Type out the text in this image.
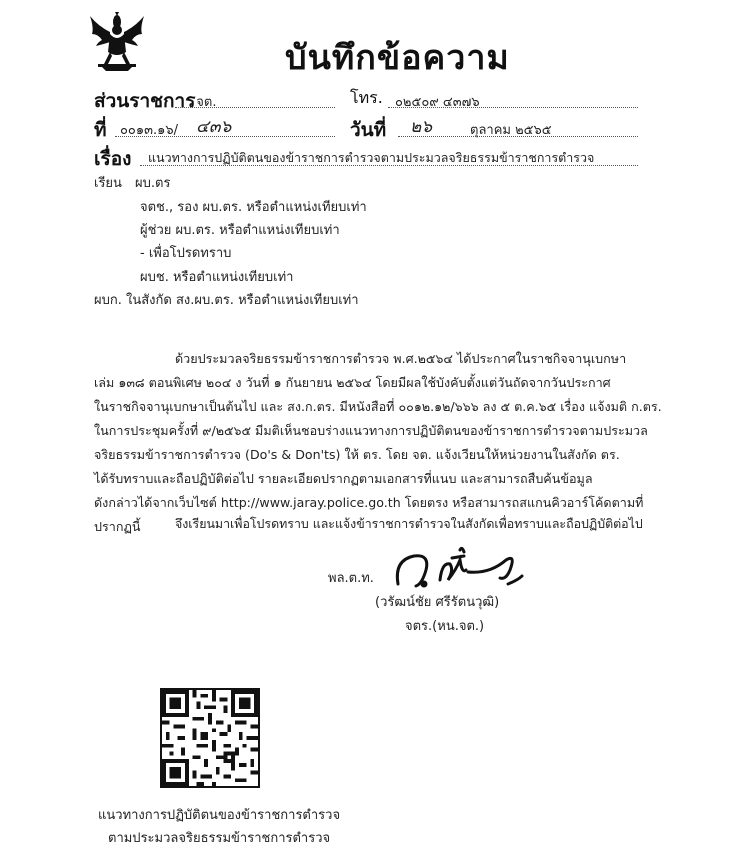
บันทึกข้อความ
ส่วนราชการ
. จต.	โทร. ๐๒๕๐๙ ๔๓๗๖
ที่ ๐๐๑๓.๑๖/ ๔๓๖	วันที่ ๒๖	ตุลาคม ๒๕๖๕
เรื่อง แนวทางการปฏิบัติตนของข้าราชการตำรวจตามประมวลจริยธรรมข้าราชการตำรวจ
เรียน ผบ.ตร
จตช., รอง ผบ.ตร. หรือตำแหน่งเทียบเท่า
ผู้ช่วย ผบ.ตร. หรือตำแหน่งเทียบเท่า
- เพื่อโปรดทราบ
ผบช. หรือตำแหน่งเทียบเท่า
ผบก. ในสังกัด สง.ผบ.ตร. หรือตำแหน่งเทียบเท่า
ด้วยประมวลจริยธรรมข้าราชการตำรวจ พ.ศ.๒๕๖๔ ได้ประกาศในราชกิจจานุเบกษา
เล่ม ๑๓๘ ตอนพิเศษ ๒๐๔ ง วันที่ ๑ กันยายน ๒๕๖๔ โดยมีผลใช้บังคับตั้งแต่วันถัดจากวันประกาศ
ในราชกิจจานุเบกษาเป็นต้นไป และ สง.ก.ตร. มีหนังสือที่ ๐๐๑๒.๑๒/๖๖๖ ลง ๕ ต.ค.๖๕ เรื่อง แจ้งมติ ก.ตร.
ในการประชุมครั้งที่ ๙/๒๕๖๕ มีมติเห็นชอบร่างแนวทางการปฏิบัติตนของข้าราชการตำรวจตามประมวล
จริยธรรมข้าราชการตำรวจ (Do's & Don'ts) ให้ ตร. โดย จต. แจ้งเวียนให้หน่วยงานในสังกัด ตร.
ได้รับทราบและถือปฏิบัติต่อไป รายละเอียดปรากฏตามเอกสารที่แนบ และสามารถสืบค้นข้อมูล
ดังกล่าวได้จากเว็บไซต์ http://www.jaray.police.go.th โดยตรง หรือสามารถสแกนคิวอาร์โค้ดตามที่
ปรากฏนี้	จึงเรียนมาเพื่อโปรดทราบ และแจ้งข้าราชการตำรวจในสังกัดเพื่อทราบและถือปฏิบัติต่อไป
พล.ต.ท.
(วรัฒน์ชัย ศรีรัตนวุฒิ)
จตร.(หน.จต.)
แนวทางการปฏิบัติตนของข้าราชการตำรวจ
ตามประมวลจริยธรรมข้าราชการตำรวจ
